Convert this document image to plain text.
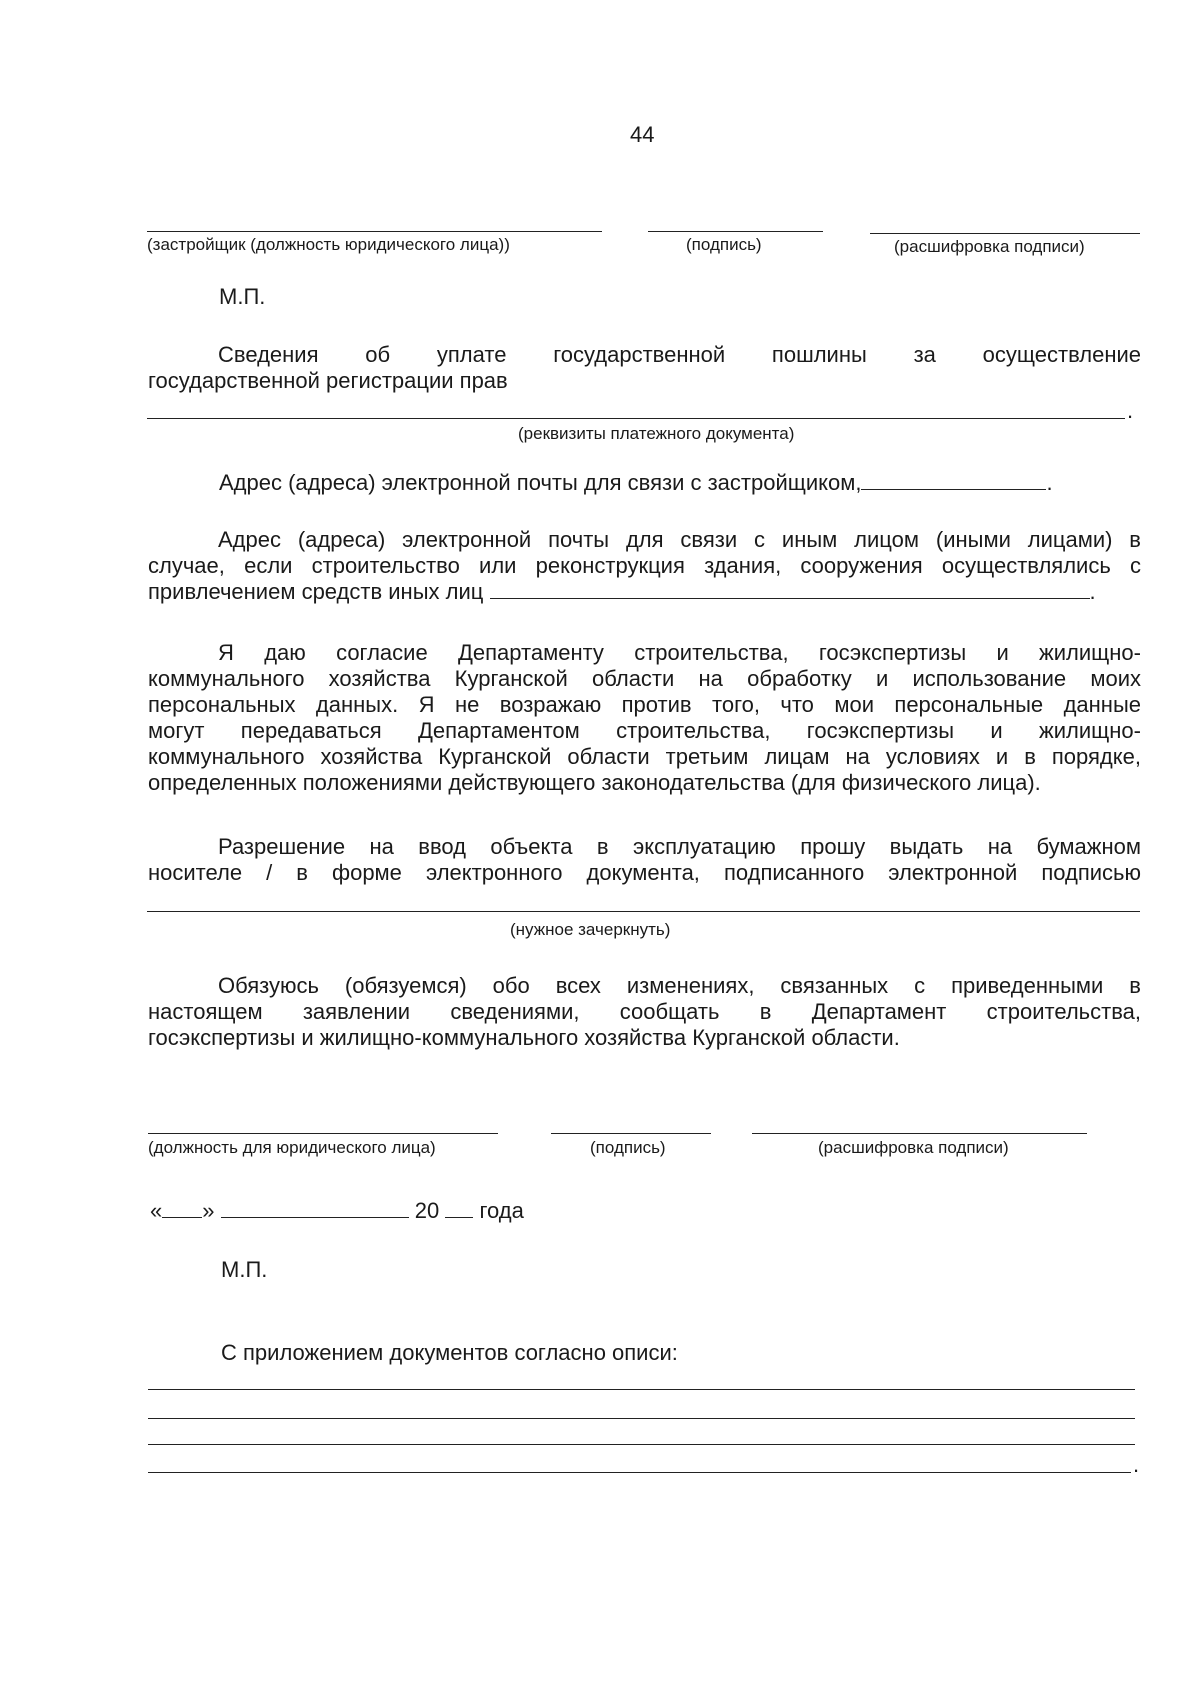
44
(застройщик (должность юридического лица))	(подпись)	(расшифровка подписи)
М.П.
Сведения об уплате государственной пошлины за осуществление
государственной регистрации прав
.
(реквизиты платежного документа)
Адрес (адреса) электронной почты для связи с застройщиком,	.
Адрес (адреса) электронной почты для связи с иным лицом (иными лицами) в
случае, если строительство или реконструкция здания, сооружения осуществлялись с
привлечением средств иных лиц	.
Я даю согласие Департаменту строительства, госэкспертизы и жилищно-
коммунального хозяйства Курганской области на обработку и использование моих
персональных данных. Я не возражаю против того, что мои персональные данные
могут передаваться Департаментом строительства, госэкспертизы и жилищно-
коммунального хозяйства Курганской области третьим лицам на условиях и в порядке,
определенных положениями действующего законодательства (для физического лица).
Разрешение на ввод объекта в эксплуатацию прошу выдать на бумажном
носителе / в форме электронного документа, подписанного электронной подписью
(нужное зачеркнуть)
Обязуюсь (обязуемся) обо всех изменениях, связанных с приведенными в
настоящем заявлении сведениями, сообщать в Департамент строительства,
госэкспертизы и жилищно-коммунального хозяйства Курганской области.
(должность для юридического лица)	(подпись)	(расшифровка подписи)
« »	20 года
М.П.
С приложением документов согласно описи:
.
